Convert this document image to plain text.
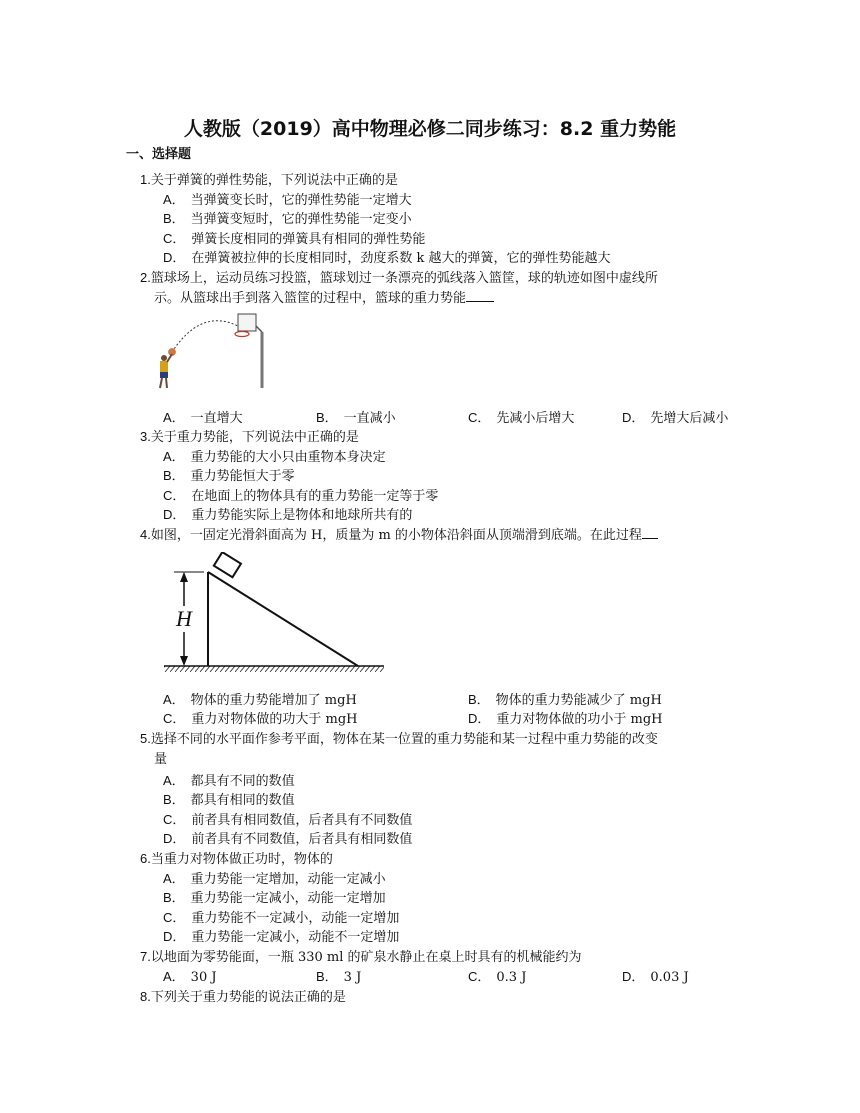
人教版（2019）高中物理必修二同步练习：8.2 重力势能
一、选择题
1.关于弹簧的弹性势能，下列说法中正确的是
A． 当弹簧变长时，它的弹性势能一定增大
B． 当弹簧变短时，它的弹性势能一定变小
C． 弹簧长度相同的弹簧具有相同的弹性势能
D． 在弹簧被拉伸的长度相同时，劲度系数 k 越大的弹簧，它的弹性势能越大
2.篮球场上，运动员练习投篮，篮球划过一条漂亮的弧线落入篮筐，球的轨迹如图中虚线所
示。从篮球出手到落入篮筐的过程中，篮球的重力势能
A． 一直增大	B． 一直减小	C． 先减小后增大	D． 先增大后减小
3.关于重力势能，下列说法中正确的是
A． 重力势能的大小只由重物本身决定
B． 重力势能恒大于零
C． 在地面上的物体具有的重力势能一定等于零
D． 重力势能实际上是物体和地球所共有的
4.如图，一固定光滑斜面高为 H，质量为 m 的小物体沿斜面从顶端滑到底端。在此过程
H
A． 物体的重力势能增加了 mgH	B． 物体的重力势能减少了 mgH
C． 重力对物体做的功大于 mgH	D． 重力对物体做的功小于 mgH
5.选择不同的水平面作参考平面，物体在某一位置的重力势能和某一过程中重力势能的改变
量
A． 都具有不同的数值
B． 都具有相同的数值
C． 前者具有相同数值，后者具有不同数值
D． 前者具有不同数值，后者具有相同数值
6.当重力对物体做正功时，物体的
A． 重力势能一定增加，动能一定减小
B． 重力势能一定减小，动能一定增加
C． 重力势能不一定减小，动能一定增加
D． 重力势能一定减小，动能不一定增加
7.以地面为零势能面，一瓶 330 ml 的矿泉水静止在桌上时具有的机械能约为
A． 30 J	B． 3 J	C． 0.3 J	D． 0.03 J
8.下列关于重力势能的说法正确的是
